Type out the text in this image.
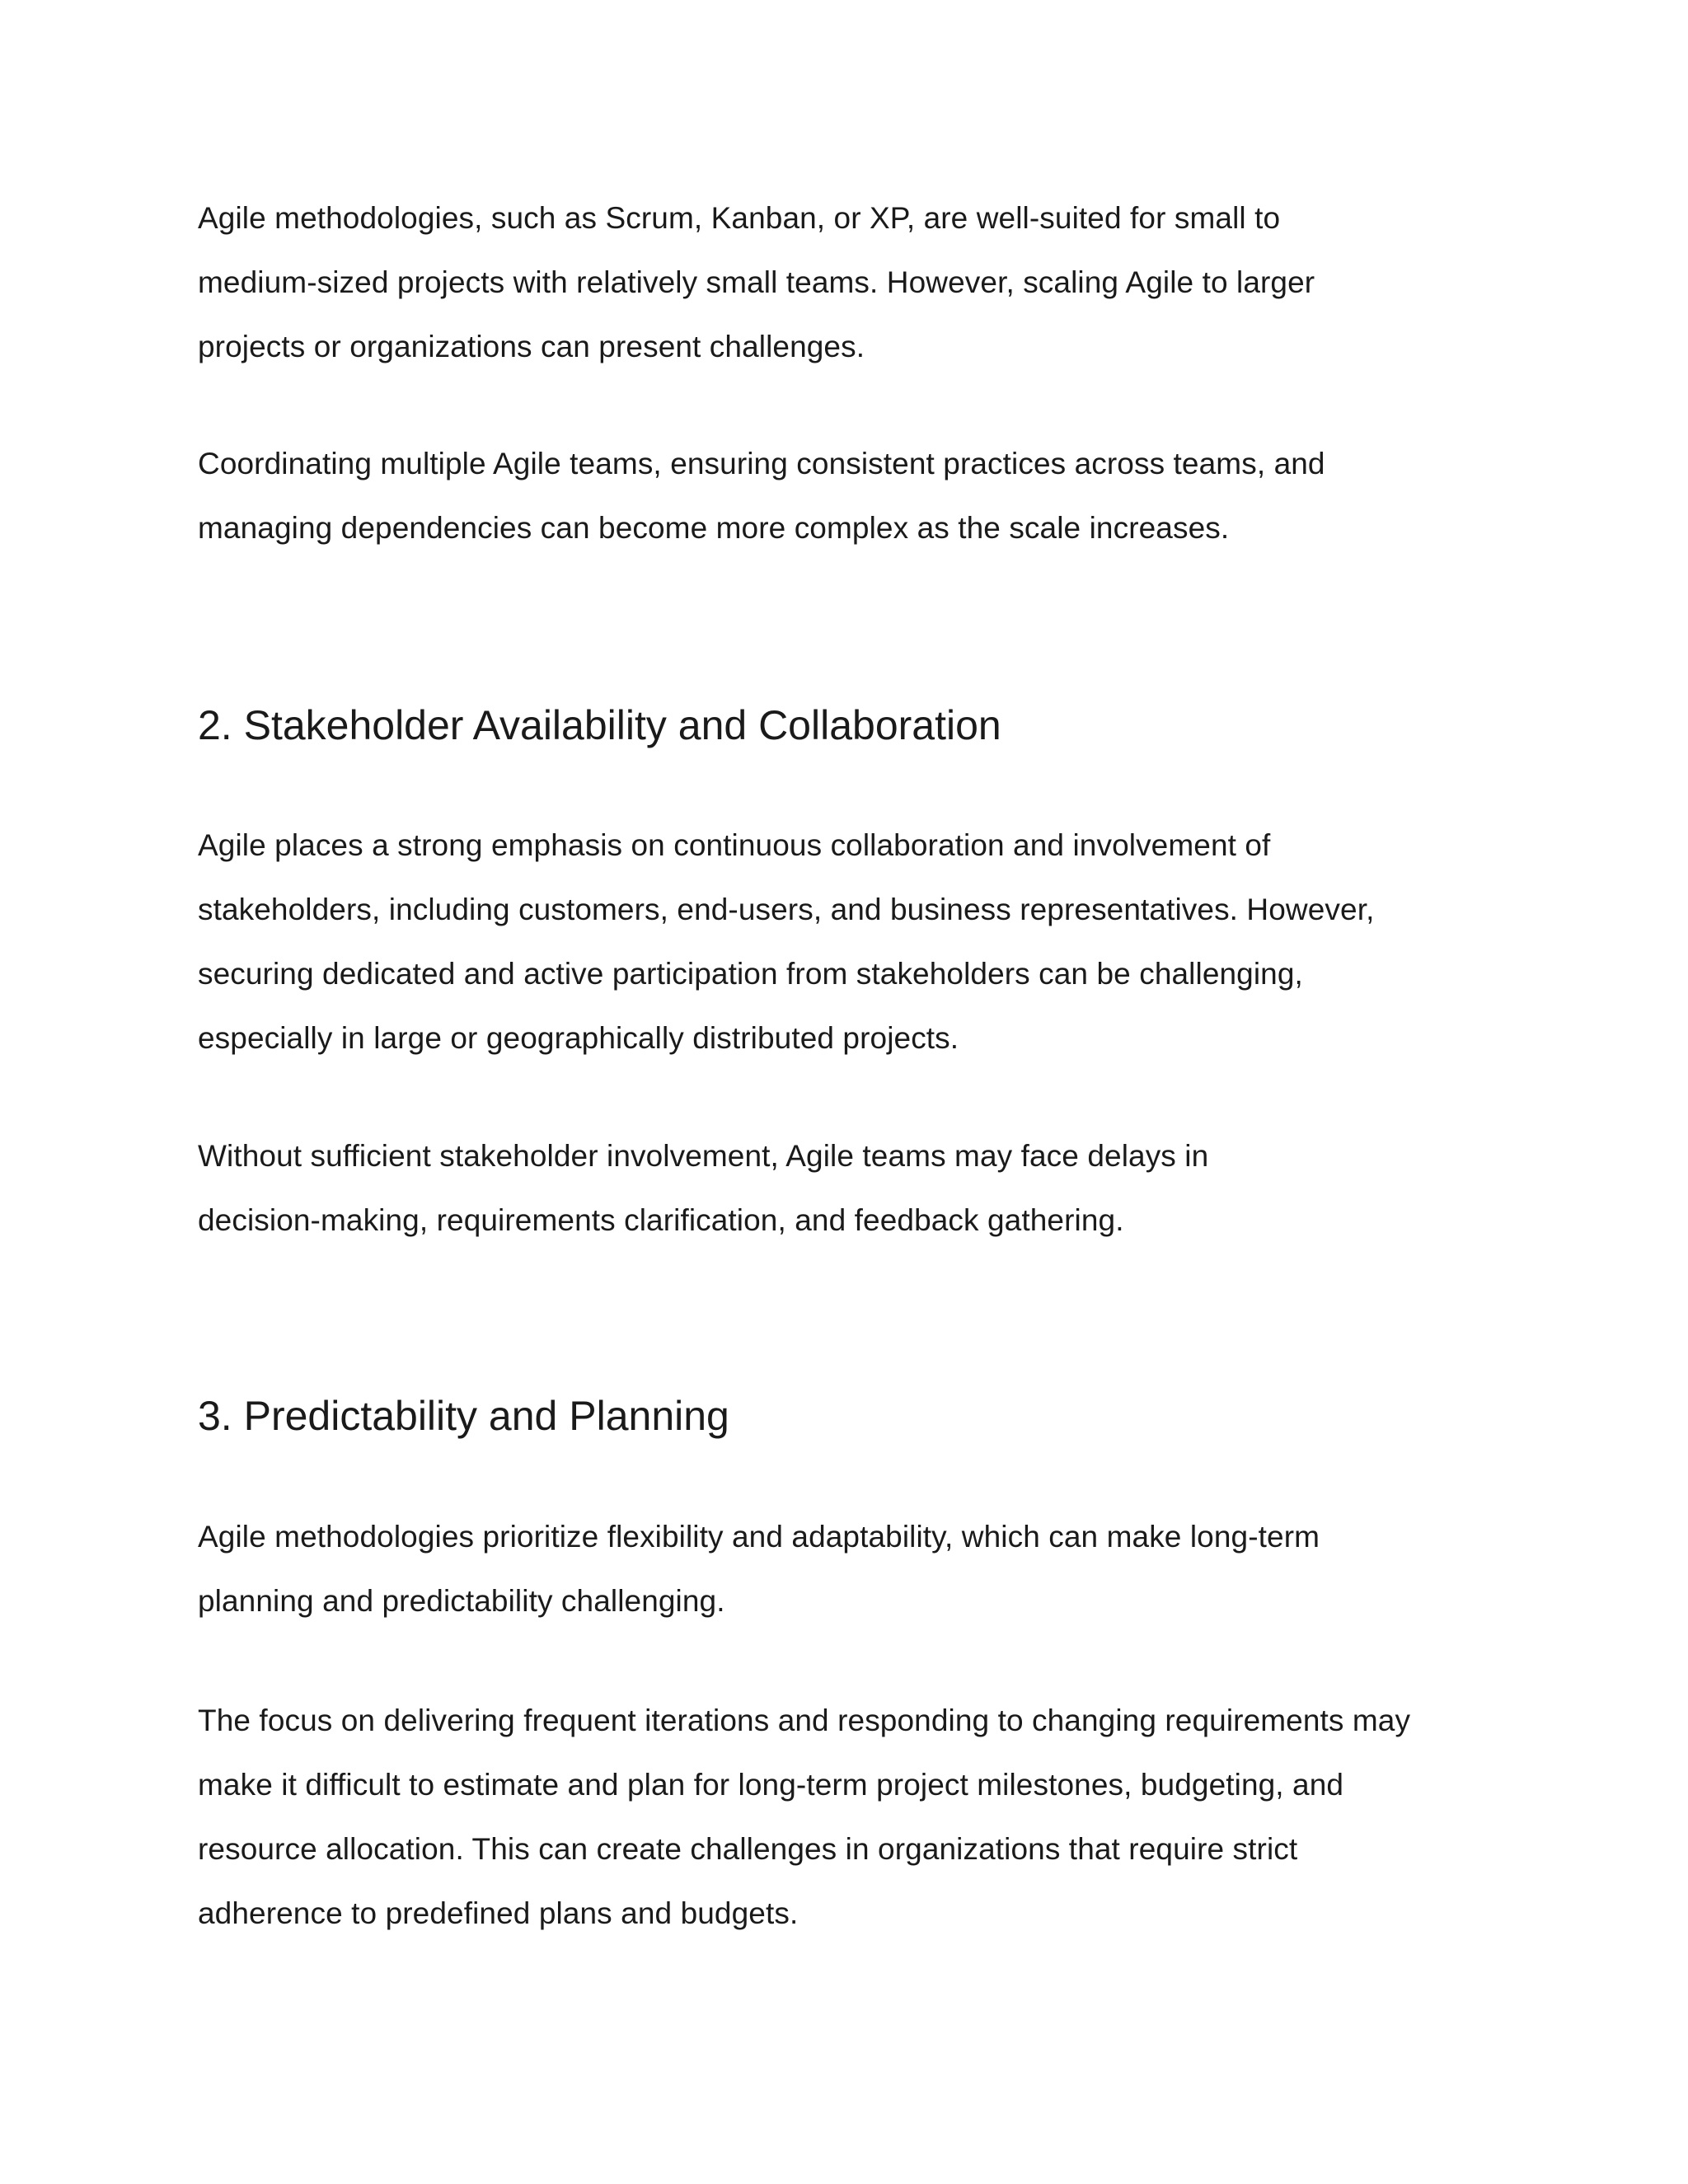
Agile methodologies, such as Scrum, Kanban, or XP, are well-suited for small to
medium-sized projects with relatively small teams. However, scaling Agile to larger
projects or organizations can present challenges.

Coordinating multiple Agile teams, ensuring consistent practices across teams, and
managing dependencies can become more complex as the scale increases.

2. Stakeholder Availability and Collaboration

Agile places a strong emphasis on continuous collaboration and involvement of
stakeholders, including customers, end-users, and business representatives. However,
securing dedicated and active participation from stakeholders can be challenging,
especially in large or geographically distributed projects.

Without sufficient stakeholder involvement, Agile teams may face delays in
decision-making, requirements clarification, and feedback gathering.

3. Predictability and Planning

Agile methodologies prioritize flexibility and adaptability, which can make long-term
planning and predictability challenging.

The focus on delivering frequent iterations and responding to changing requirements may
make it difficult to estimate and plan for long-term project milestones, budgeting, and
resource allocation. This can create challenges in organizations that require strict
adherence to predefined plans and budgets.
